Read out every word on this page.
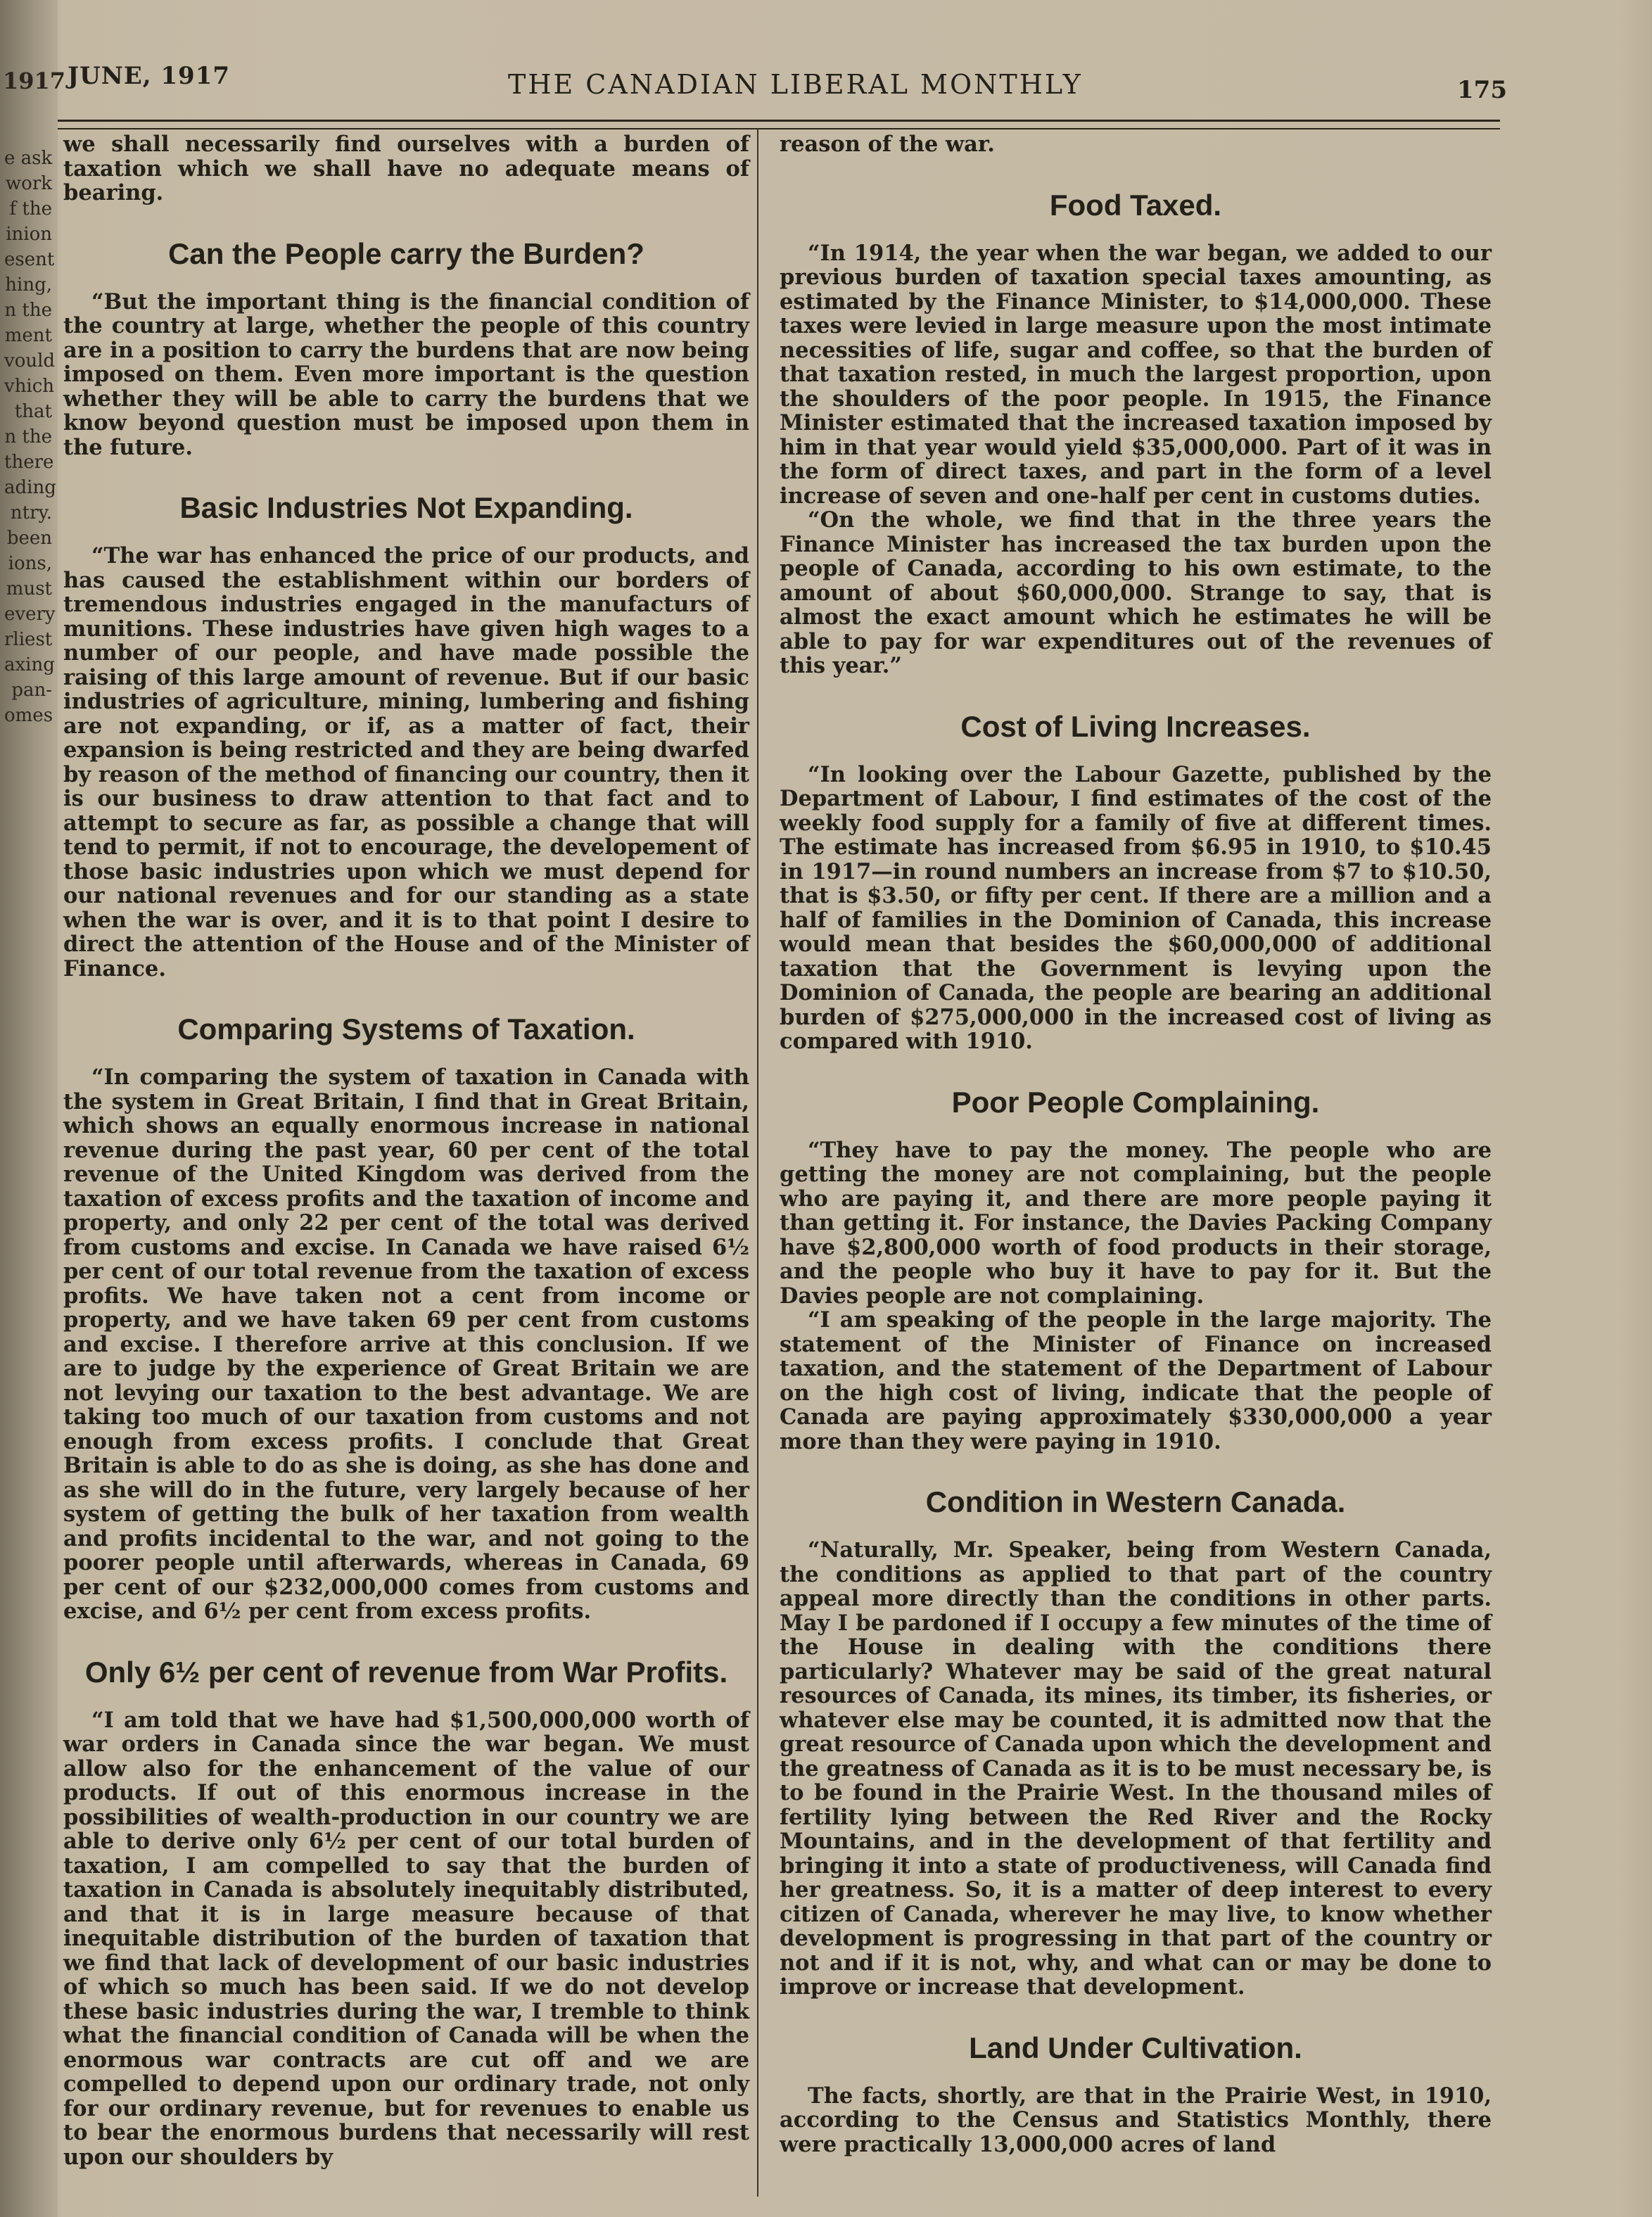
1917
e ask
work
f the
inion
esent
hing,
n the
ment
vould
vhich
that
n the
there
ading
ntry.
been
ions,
must
every
rliest
axing
pan-
omes
JUNE, 1917	THE CANADIAN LIBERAL MONTHLY	175

we shall necessarily find ourselves with a burden of taxation which we shall have no adequate means of bearing.

Can the People carry the Burden?

“But the important thing is the financial condition of the country at large, whether the people of this country are in a position to carry the burdens that are now being imposed on them. Even more important is the question whether they will be able to carry the burdens that we know beyond question must be imposed upon them in the future.

Basic Industries Not Expanding.

“The war has enhanced the price of our products, and has caused the establishment within our borders of tremendous industries engaged in the manufacturs of munitions. These industries have given high wages to a number of our people, and have made possible the raising of this large amount of revenue. But if our basic industries of agriculture, mining, lumbering and fishing are not expanding, or if, as a matter of fact, their expansion is being restricted and they are being dwarfed by reason of the method of financing our country, then it is our business to draw attention to that fact and to attempt to secure as far, as possible a change that will tend to permit, if not to encourage, the developement of those basic industries upon which we must depend for our national revenues and for our standing as a state when the war is over, and it is to that point I desire to direct the attention of the House and of the Minister of Finance.

Comparing Systems of Taxation.

“In comparing the system of taxation in Canada with the system in Great Britain, I find that in Great Britain, which shows an equally enormous increase in national revenue during the past year, 60 per cent of the total revenue of the United Kingdom was derived from the taxation of excess profits and the taxation of income and property, and only 22 per cent of the total was derived from customs and excise. In Canada we have raised 6½ per cent of our total revenue from the taxation of excess profits. We have taken not a cent from income or property, and we have taken 69 per cent from customs and excise. I therefore arrive at this conclusion. If we are to judge by the experience of Great Britain we are not levying our taxation to the best advantage. We are taking too much of our taxation from customs and not enough from excess profits. I conclude that Great Britain is able to do as she is doing, as she has done and as she will do in the future, very largely because of her system of getting the bulk of her taxation from wealth and profits incidental to the war, and not going to the poorer people until afterwards, whereas in Canada, 69 per cent of our $232,000,000 comes from customs and excise, and 6½ per cent from excess profits.

Only 6½ per cent of revenue from War Profits.

“I am told that we have had $1,500,000,000 worth of war orders in Canada since the war began. We must allow also for the enhancement of the value of our products. If out of this enormous increase in the possibilities of wealth-production in our country we are able to derive only 6½ per cent of our total burden of taxation, I am compelled to say that the burden of taxation in Canada is absolutely inequitably distributed, and that it is in large measure because of that inequitable distribution of the burden of taxation that we find that lack of development of our basic industries of which so much has been said. If we do not develop these basic industries during the war, I tremble to think what the financial condition of Canada will be when the enormous war contracts are cut off and we are compelled to depend upon our ordinary trade, not only for our ordinary revenue, but for revenues to enable us to bear the enormous burdens that necessarily will rest upon our shoulders by

reason of the war.

Food Taxed.

“In 1914, the year when the war began, we added to our previous burden of taxation special taxes amounting, as estimated by the Finance Minister, to $14,000,000. These taxes were levied in large measure upon the most intimate necessities of life, sugar and coffee, so that the burden of that taxation rested, in much the largest proportion, upon the shoulders of the poor people. In 1915, the Finance Minister estimated that the increased taxation imposed by him in that year would yield $35,000,000. Part of it was in the form of direct taxes, and part in the form of a level increase of seven and one-half per cent in customs duties.

“On the whole, we find that in the three years the Finance Minister has increased the tax burden upon the people of Canada, according to his own estimate, to the amount of about $60,000,000. Strange to say, that is almost the exact amount which he estimates he will be able to pay for war expenditures out of the revenues of this year.”

Cost of Living Increases.

“In looking over the Labour Gazette, published by the Department of Labour, I find estimates of the cost of the weekly food supply for a family of five at different times. The estimate has increased from $6.95 in 1910, to $10.45 in 1917—in round numbers an increase from $7 to $10.50, that is $3.50, or fifty per cent. If there are a million and a half of families in the Dominion of Canada, this increase would mean that besides the $60,000,000 of additional taxation that the Government is levying upon the Dominion of Canada, the people are bearing an additional burden of $275,000,000 in the increased cost of living as compared with 1910.

Poor People Complaining.

“They have to pay the money. The people who are getting the money are not complaining, but the people who are paying it, and there are more people paying it than getting it. For instance, the Davies Packing Company have $2,800,000 worth of food products in their storage, and the people who buy it have to pay for it. But the Davies people are not complaining.

“I am speaking of the people in the large majority. The statement of the Minister of Finance on increased taxation, and the statement of the Department of Labour on the high cost of living, indicate that the people of Canada are paying approximately $330,000,000 a year more than they were paying in 1910.

Condition in Western Canada.

“Naturally, Mr. Speaker, being from Western Canada, the conditions as applied to that part of the country appeal more directly than the conditions in other parts. May I be pardoned if I occupy a few minutes of the time of the House in dealing with the conditions there particularly? Whatever may be said of the great natural resources of Canada, its mines, its timber, its fisheries, or whatever else may be counted, it is admitted now that the great resource of Canada upon which the development and the greatness of Canada as it is to be must necessary be, is to be found in the Prairie West. In the thousand miles of fertility lying between the Red River and the Rocky Mountains, and in the development of that fertility and bringing it into a state of productiveness, will Canada find her greatness. So, it is a matter of deep interest to every citizen of Canada, wherever he may live, to know whether development is progressing in that part of the country or not and if it is not, why, and what can or may be done to improve or increase that development.

Land Under Cultivation.

The facts, shortly, are that in the Prairie West, in 1910, according to the Census and Statistics Monthly, there were practically 13,000,000 acres of land
